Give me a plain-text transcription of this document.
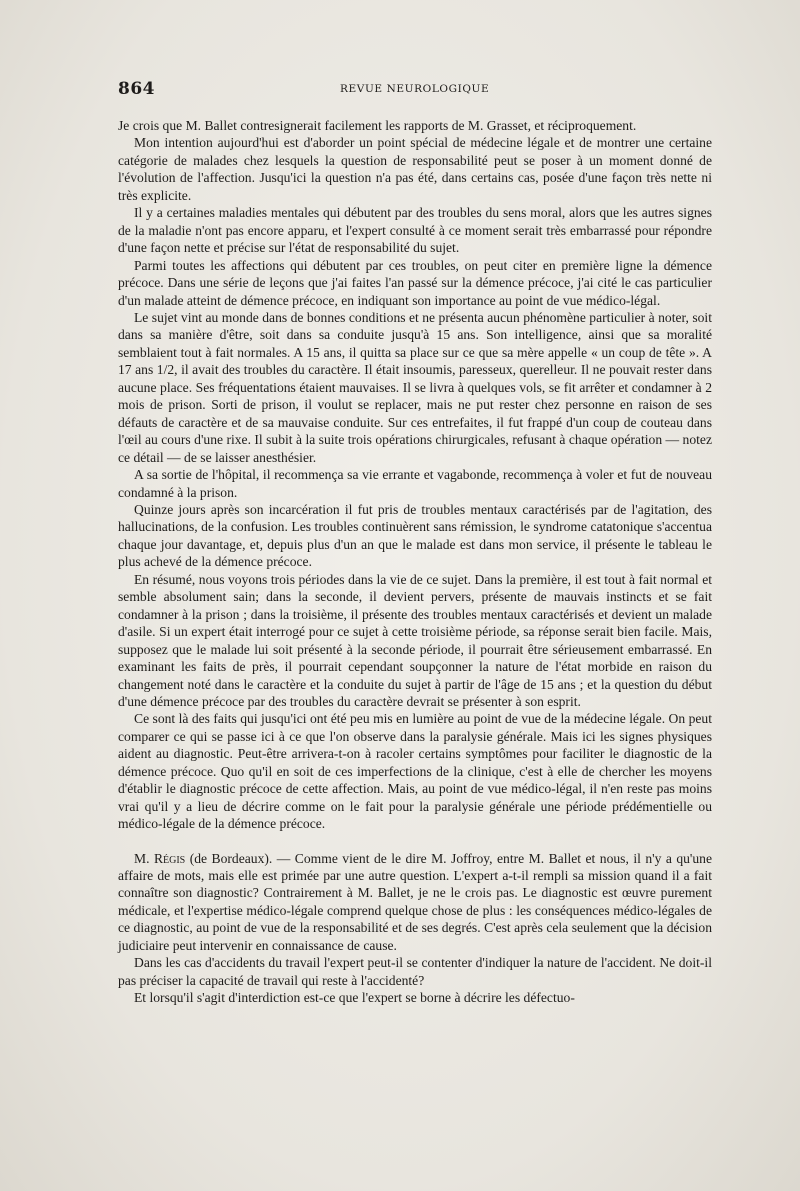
864	REVUE NEUROLOGIQUE

Je crois que M. Ballet contresignerait facilement les rapports de M. Grasset, et réciproquement.

Mon intention aujourd'hui est d'aborder un point spécial de médecine légale et de montrer une certaine catégorie de malades chez lesquels la question de responsabilité peut se poser à un moment donné de l'évolution de l'affection. Jusqu'ici la question n'a pas été, dans certains cas, posée d'une façon très nette ni très explicite.

Il y a certaines maladies mentales qui débutent par des troubles du sens moral, alors que les autres signes de la maladie n'ont pas encore apparu, et l'expert consulté à ce moment serait très embarrassé pour répondre d'une façon nette et précise sur l'état de responsabilité du sujet.

Parmi toutes les affections qui débutent par ces troubles, on peut citer en première ligne la démence précoce. Dans une série de leçons que j'ai faites l'an passé sur la démence précoce, j'ai cité le cas particulier d'un malade atteint de démence précoce, en indiquant son importance au point de vue médico-légal.

Le sujet vint au monde dans de bonnes conditions et ne présenta aucun phénomène particulier à noter, soit dans sa manière d'être, soit dans sa conduite jusqu'à 15 ans. Son intelligence, ainsi que sa moralité semblaient tout à fait normales. A 15 ans, il quitta sa place sur ce que sa mère appelle « un coup de tête ». A 17 ans 1/2, il avait des troubles du caractère. Il était insoumis, paresseux, querelleur. Il ne pouvait rester dans aucune place. Ses fréquentations étaient mauvaises. Il se livra à quelques vols, se fit arrêter et condamner à 2 mois de prison. Sorti de prison, il voulut se replacer, mais ne put rester chez personne en raison de ses défauts de caractère et de sa mauvaise conduite. Sur ces entrefaites, il fut frappé d'un coup de couteau dans l'œil au cours d'une rixe. Il subit à la suite trois opérations chirurgicales, refusant à chaque opération — notez ce détail — de se laisser anesthésier.

A sa sortie de l'hôpital, il recommença sa vie errante et vagabonde, recommença à voler et fut de nouveau condamné à la prison.

Quinze jours après son incarcération il fut pris de troubles mentaux caractérisés par de l'agitation, des hallucinations, de la confusion. Les troubles continuèrent sans rémission, le syndrome catatonique s'accentua chaque jour davantage, et, depuis plus d'un an que le malade est dans mon service, il présente le tableau le plus achevé de la démence précoce.

En résumé, nous voyons trois périodes dans la vie de ce sujet. Dans la première, il est tout à fait normal et semble absolument sain; dans la seconde, il devient pervers, présente de mauvais instincts et se fait condamner à la prison ; dans la troisième, il présente des troubles mentaux caractérisés et devient un malade d'asile. Si un expert était interrogé pour ce sujet à cette troisième période, sa réponse serait bien facile. Mais, supposez que le malade lui soit présenté à la seconde période, il pourrait être sérieusement embarrassé. En examinant les faits de près, il pourrait cependant soupçonner la nature de l'état morbide en raison du changement noté dans le caractère et la conduite du sujet à partir de l'âge de 15 ans ; et la question du début d'une démence précoce par des troubles du caractère devrait se présenter à son esprit.

Ce sont là des faits qui jusqu'ici ont été peu mis en lumière au point de vue de la médecine légale. On peut comparer ce qui se passe ici à ce que l'on observe dans la paralysie générale. Mais ici les signes physiques aident au diagnostic. Peut-être arrivera-t-on à racoler certains symptômes pour faciliter le diagnostic de la démence précoce. Quo qu'il en soit de ces imperfections de la clinique, c'est à elle de chercher les moyens d'établir le diagnostic précoce de cette affection. Mais, au point de vue médico-légal, il n'en reste pas moins vrai qu'il y a lieu de décrire comme on le fait pour la paralysie générale une période prédémentielle ou médico-légale de la démence précoce.

M. Régis (de Bordeaux). — Comme vient de le dire M. Joffroy, entre M. Ballet et nous, il n'y a qu'une affaire de mots, mais elle est primée par une autre question. L'expert a-t-il rempli sa mission quand il a fait connaître son diagnostic? Contrairement à M. Ballet, je ne le crois pas. Le diagnostic est œuvre purement médicale, et l'expertise médico-légale comprend quelque chose de plus : les conséquences médico-légales de ce diagnostic, au point de vue de la responsabilité et de ses degrés. C'est après cela seulement que la décision judiciaire peut intervenir en connaissance de cause.

Dans les cas d'accidents du travail l'expert peut-il se contenter d'indiquer la nature de l'accident. Ne doit-il pas préciser la capacité de travail qui reste à l'accidenté?

Et lorsqu'il s'agit d'interdiction est-ce que l'expert se borne à décrire les défectuo-
